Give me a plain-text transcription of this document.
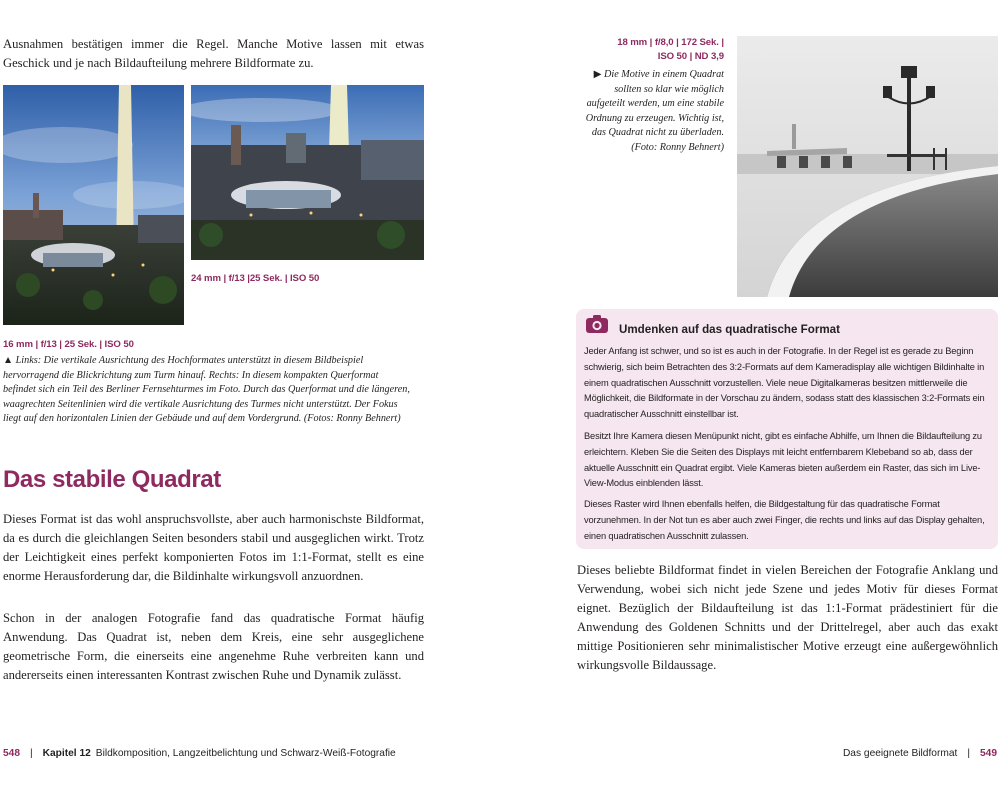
Ausnahmen bestätigen immer die Regel. Manche Motive lassen mit etwas Geschick und je nach Bildaufteilung mehrere Bildformate zu.

24 mm | f/13 |25 Sek. | ISO 50
16 mm | f/13 | 25 Sek. | ISO 50

▲ Links: Die vertikale Ausrichtung des Hochformates unterstützt in diesem Bildbeispiel hervorragend die Blickrichtung zum Turm hinauf. Rechts: In diesem kompakten Querformat befindet sich ein Teil des Berliner Fernsehturmes im Foto. Durch das Querformat und die längeren, waagrechten Seitenlinien wird die vertikale Ausrichtung des Turmes nicht unterstützt. Der Fokus liegt auf den horizontalen Linien der Gebäude und auf dem Vordergrund. (Fotos: Ronny Behnert)

Das stabile Quadrat

Dieses Format ist das wohl anspruchsvollste, aber auch harmonischste Bildformat, da es durch die gleichlangen Seiten besonders stabil und ausgeglichen wirkt. Trotz der Leichtigkeit eines perfekt komponierten Fotos im 1:1-Format, stellt es eine enorme Herausforderung dar, die Bildinhalte wirkungsvoll anzuordnen.

Schon in der analogen Fotografie fand das quadratische Format häufig Anwendung. Das Quadrat ist, neben dem Kreis, eine sehr ausgeglichene geometrische Form, die einerseits eine angenehme Ruhe verbreiten kann und andererseits einen interessanten Kontrast zwischen Ruhe und Dynamik zulässt.

18 mm | f/8,0 | 172 Sek. |
ISO 50 | ND 3,9

▶ Die Motive in einem Quadrat sollten so klar wie möglich aufgeteilt werden, um eine stabile Ordnung zu erzeugen. Wichtig ist, das Quadrat nicht zu überladen. (Foto: Ronny Behnert)

Umdenken auf das quadratische Format

Jeder Anfang ist schwer, und so ist es auch in der Fotografie. In der Regel ist es gerade zu Beginn schwierig, sich beim Betrachten des 3:2-Formats auf dem Kameradisplay alle wichtigen Bildinhalte in einem quadratischen Ausschnitt vorzustellen. Viele neue Digitalkameras besitzen mittlerweile die Möglichkeit, die Bildformate in der Vorschau zu ändern, sodass statt des klassischen 3:2-Formats ein quadratischer Ausschnitt einstellbar ist.

Besitzt Ihre Kamera diesen Menüpunkt nicht, gibt es einfache Abhilfe, um Ihnen die Bildaufteilung zu erleichtern. Kleben Sie die Seiten des Displays mit leicht entfernbarem Klebeband so ab, dass der aktuelle Ausschnitt ein Quadrat ergibt. Viele Kameras bieten außerdem ein Raster, das sich im Live-View-Modus einblenden lässt.

Dieses Raster wird Ihnen ebenfalls helfen, die Bildgestaltung für das quadratische Format vorzunehmen. In der Not tun es aber auch zwei Finger, die rechts und links auf das Display gehalten, einen quadratischen Ausschnitt zulassen.

Dieses beliebte Bildformat findet in vielen Bereichen der Fotografie Anklang und Verwendung, wobei sich nicht jede Szene und jedes Motiv für dieses Format eignet. Bezüglich der Bildaufteilung ist das 1:1-Format prädestiniert für die Anwendung des Goldenen Schnitts und der Drittelregel, aber auch das exakt mittige Positionieren sehr minimalistischer Motive erzeugt eine außergewöhnlich wirkungsvolle Bildaussage.

548 | Kapitel 12 Bildkomposition, Langzeitbelichtung und Schwarz-Weiß-Fotografie	Das geeignete Bildformat | 549
